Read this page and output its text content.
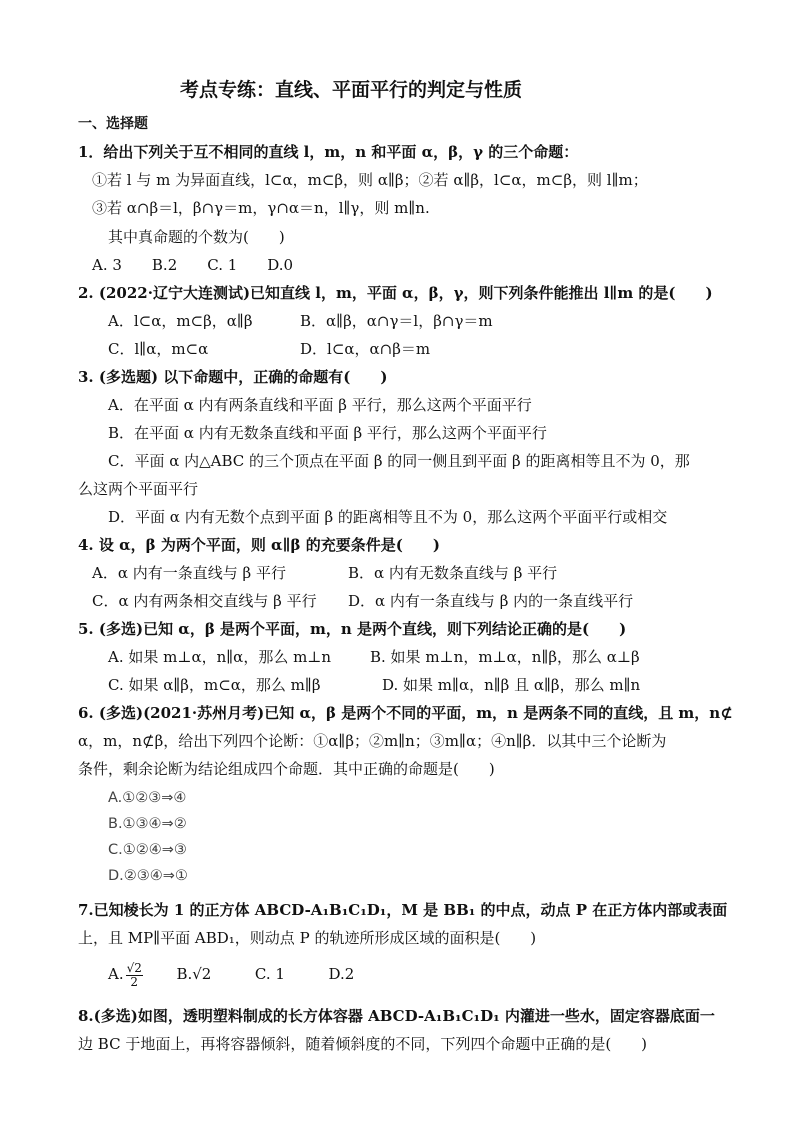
考点专练：直线、平面平行的判定与性质
一、选择题
1．给出下列关于互不相同的直线 l，m，n 和平面 α，β，γ 的三个命题：
①若 l 与 m 为异面直线，l⊂α，m⊂β，则 α∥β；②若 α∥β，l⊂α，m⊂β，则 l∥m；
③若 α∩β＝l，β∩γ＝m，γ∩α＝n，l∥γ，则 m∥n.
其中真命题的个数为(　　)
A. 3　　B.2　　C. 1　　D.0
2. (2022·辽宁大连测试)已知直线 l，m，平面 α，β，γ，则下列条件能推出 l∥m 的是(　　)
A．l⊂α，m⊂β，α∥β	B．α∥β，α∩γ＝l，β∩γ＝m
C．l∥α，m⊂α	D．l⊂α，α∩β＝m
3. (多选题) 以下命题中，正确的命题有(　　)
A．在平面 α 内有两条直线和平面 β 平行，那么这两个平面平行
B．在平面 α 内有无数条直线和平面 β 平行，那么这两个平面平行
C．平面 α 内△ABC 的三个顶点在平面 β 的同一侧且到平面 β 的距离相等且不为 0，那
么这两个平面平行
D．平面 α 内有无数个点到平面 β 的距离相等且不为 0，那么这两个平面平行或相交
4. 设 α，β 为两个平面，则 α∥β 的充要条件是(　　)
A．α 内有一条直线与 β 平行	B．α 内有无数条直线与 β 平行
C．α 内有两条相交直线与 β 平行 D．α 内有一条直线与 β 内的一条直线平行
5. (多选)已知 α，β 是两个平面，m，n 是两个直线，则下列结论正确的是(　　)
A. 如果 m⊥α，n∥α，那么 m⊥n	B. 如果 m⊥n，m⊥α，n∥β，那么 α⊥β
C. 如果 α∥β，m⊂α，那么 m∥β	D. 如果 m∥α，n∥β 且 α∥β，那么 m∥n
6. (多选)(2021·苏州月考)已知 α，β 是两个不同的平面，m，n 是两条不同的直线，且 m，n⊄
α，m，n⊄β，给出下列四个论断：①α∥β；②m∥n；③m∥α；④n∥β．以其中三个论断为
条件，剩余论断为结论组成四个命题．其中正确的命题是(　　)
A.①②③⇒④
B.①③④⇒②
C.①②④⇒③
D.②③④⇒①
7.已知棱长为 1 的正方体 ABCD-A₁B₁C₁D₁，M 是 BB₁ 的中点，动点 P 在正方体内部或表面
上，且 MP∥平面 ABD₁，则动点 P 的轨迹所形成区域的面积是(　　)
A. $\frac{√2}{2} B.√2$	C. 1	D.2
8.(多选)如图，透明塑料制成的长方体容器 ABCD-A₁B₁C₁D₁ 内灌进一些水，固定容器底面一
边 BC 于地面上，再将容器倾斜，随着倾斜度的不同，下列四个命题中正确的是(　　)
